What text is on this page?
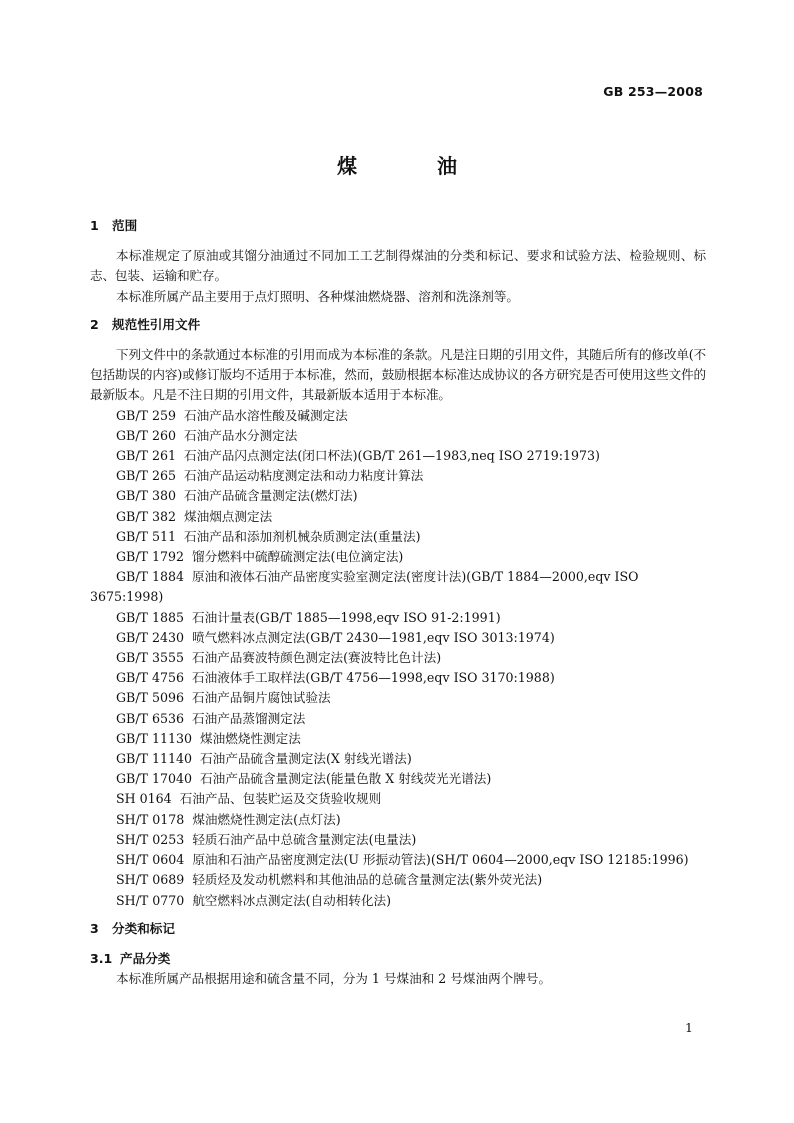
GB 253—2008
煤油

1 范围

本标准规定了原油或其馏分油通过不同加工工艺制得煤油的分类和标记、要求和试验方法、检验规则、标志、包装、运输和贮存。

本标准所属产品主要用于点灯照明、各种煤油燃烧器、溶剂和洗涤剂等。

2 规范性引用文件

下列文件中的条款通过本标准的引用而成为本标准的条款。凡是注日期的引用文件，其随后所有的修改单(不包括勘误的内容)或修订版均不适用于本标准，然而，鼓励根据本标准达成协议的各方研究是否可使用这些文件的最新版本。凡是不注日期的引用文件，其最新版本适用于本标准。

GB/T 259 石油产品水溶性酸及碱测定法

GB/T 260 石油产品水分测定法

GB/T 261 石油产品闪点测定法(闭口杯法)(GB/T 261—1983,neq ISO 2719:1973)

GB/T 265 石油产品运动粘度测定法和动力粘度计算法

GB/T 380 石油产品硫含量测定法(燃灯法)

GB/T 382 煤油烟点测定法

GB/T 511 石油产品和添加剂机械杂质测定法(重量法)

GB/T 1792 馏分燃料中硫醇硫测定法(电位滴定法)

GB/T 1884 原油和液体石油产品密度实验室测定法(密度计法)(GB/T 1884—2000,eqv ISO 3675:1998)

GB/T 1885 石油计量表(GB/T 1885—1998,eqv ISO 91-2:1991)

GB/T 2430 喷气燃料冰点测定法(GB/T 2430—1981,eqv ISO 3013:1974)

GB/T 3555 石油产品赛波特颜色测定法(赛波特比色计法)

GB/T 4756 石油液体手工取样法(GB/T 4756—1998,eqv ISO 3170:1988)

GB/T 5096 石油产品铜片腐蚀试验法

GB/T 6536 石油产品蒸馏测定法

GB/T 11130 煤油燃烧性测定法

GB/T 11140 石油产品硫含量测定法(X 射线光谱法)

GB/T 17040 石油产品硫含量测定法(能量色散 X 射线荧光光谱法)

SH 0164 石油产品、包装贮运及交货验收规则

SH/T 0178 煤油燃烧性测定法(点灯法)

SH/T 0253 轻质石油产品中总硫含量测定法(电量法)

SH/T 0604 原油和石油产品密度测定法(U 形振动管法)(SH/T 0604—2000,eqv ISO 12185:1996)

SH/T 0689 轻质烃及发动机燃料和其他油品的总硫含量测定法(紫外荧光法)

SH/T 0770 航空燃料冰点测定法(自动相转化法)

3 分类和标记

3.1 产品分类

本标准所属产品根据用途和硫含量不同，分为 1 号煤油和 2 号煤油两个牌号。

1
